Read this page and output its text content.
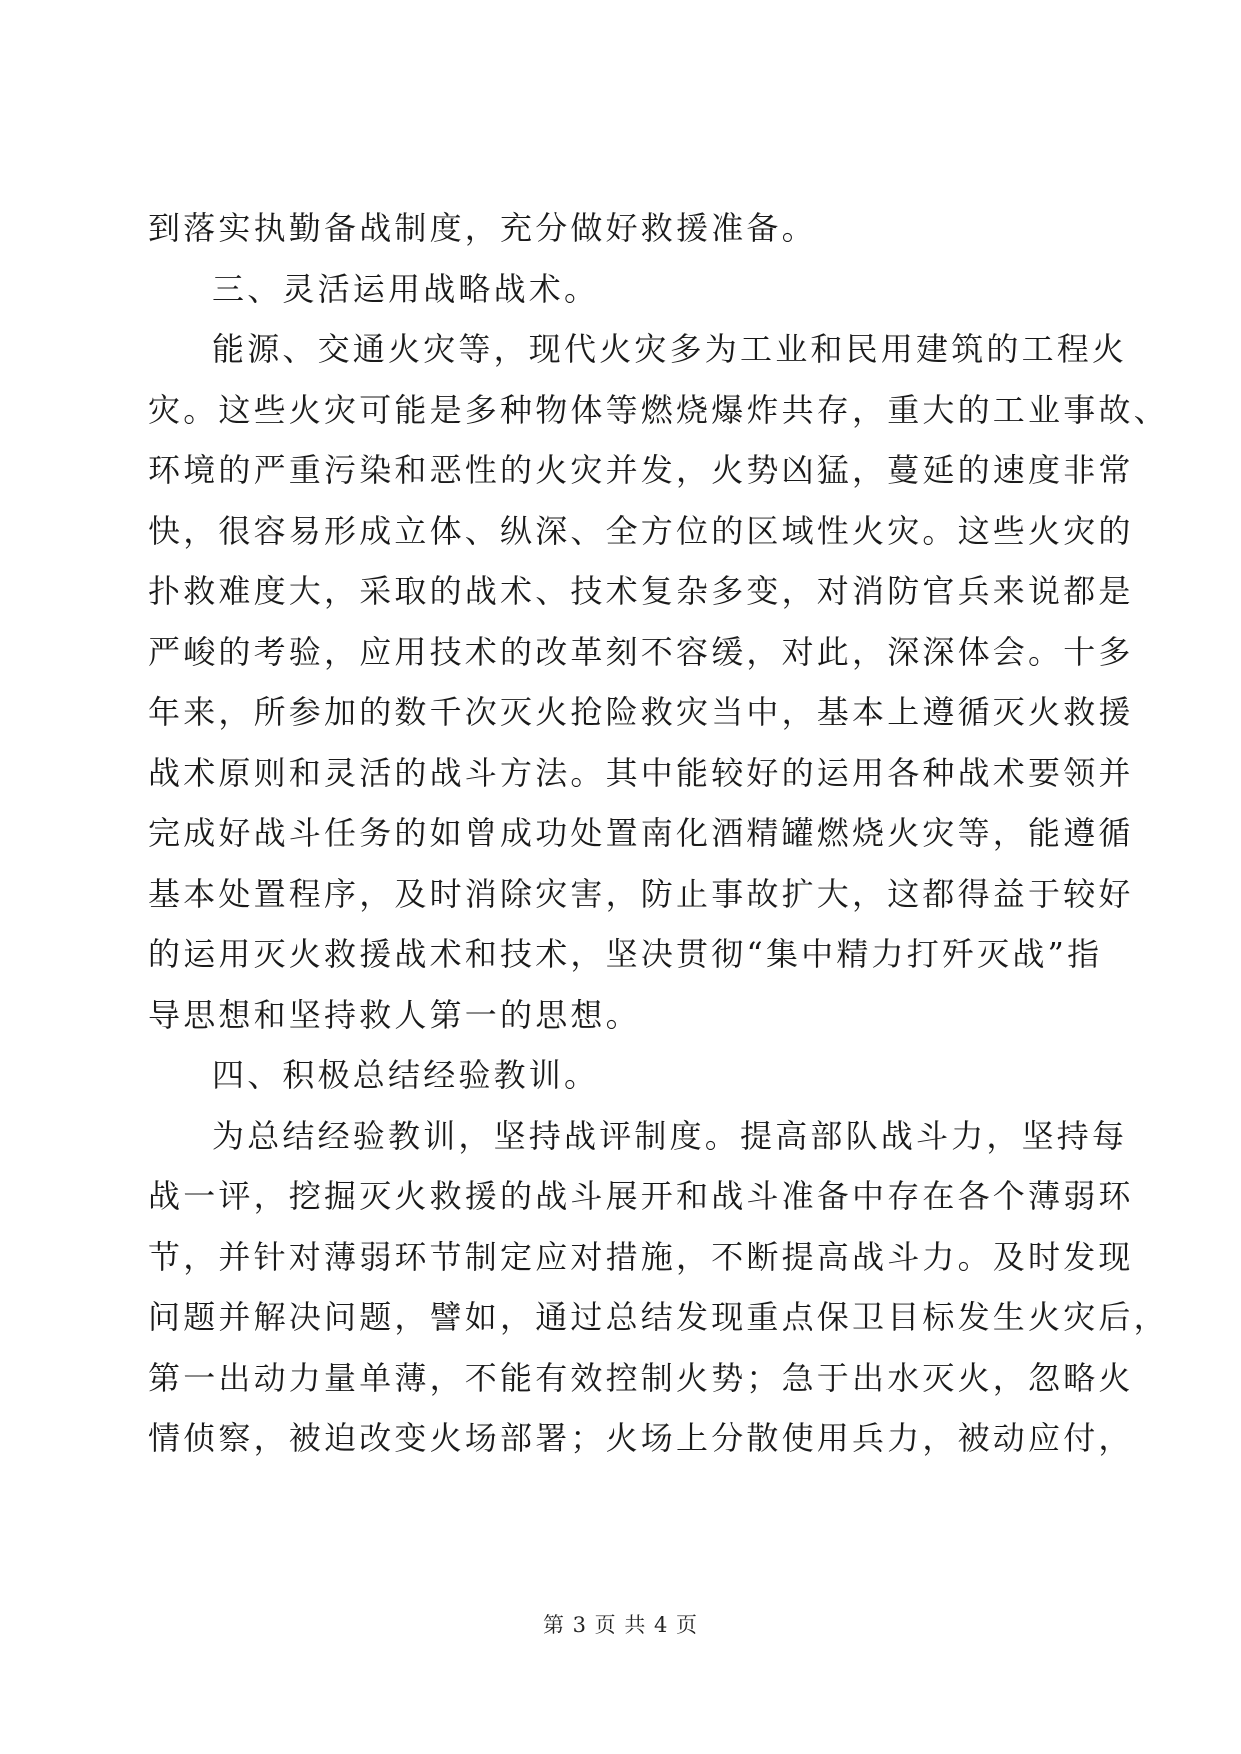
到落实执勤备战制度，充分做好救援准备。
三、灵活运用战略战术。
能源、交通火灾等，现代火灾多为工业和民用建筑的工程火
灾。这些火灾可能是多种物体等燃烧爆炸共存，重大的工业事故、
环境的严重污染和恶性的火灾并发，火势凶猛，蔓延的速度非常
快，很容易形成立体、纵深、全方位的区域性火灾。这些火灾的
扑救难度大，采取的战术、技术复杂多变，对消防官兵来说都是
严峻的考验，应用技术的改革刻不容缓，对此，深深体会。十多
年来，所参加的数千次灭火抢险救灾当中，基本上遵循灭火救援
战术原则和灵活的战斗方法。其中能较好的运用各种战术要领并
完成好战斗任务的如曾成功处置南化酒精罐燃烧火灾等，能遵循
基本处置程序，及时消除灾害，防止事故扩大，这都得益于较好
的运用灭火救援战术和技术，坚决贯彻“集中精力打歼灭战”指
导思想和坚持救人第一的思想。
四、积极总结经验教训。
为总结经验教训，坚持战评制度。提高部队战斗力，坚持每
战一评，挖掘灭火救援的战斗展开和战斗准备中存在各个薄弱环
节，并针对薄弱环节制定应对措施，不断提高战斗力。及时发现
问题并解决问题，譬如，通过总结发现重点保卫目标发生火灾后，
第一出动力量单薄，不能有效控制火势；急于出水灭火，忽略火
情侦察，被迫改变火场部署；火场上分散使用兵力，被动应付，
第 3 页 共 4 页
